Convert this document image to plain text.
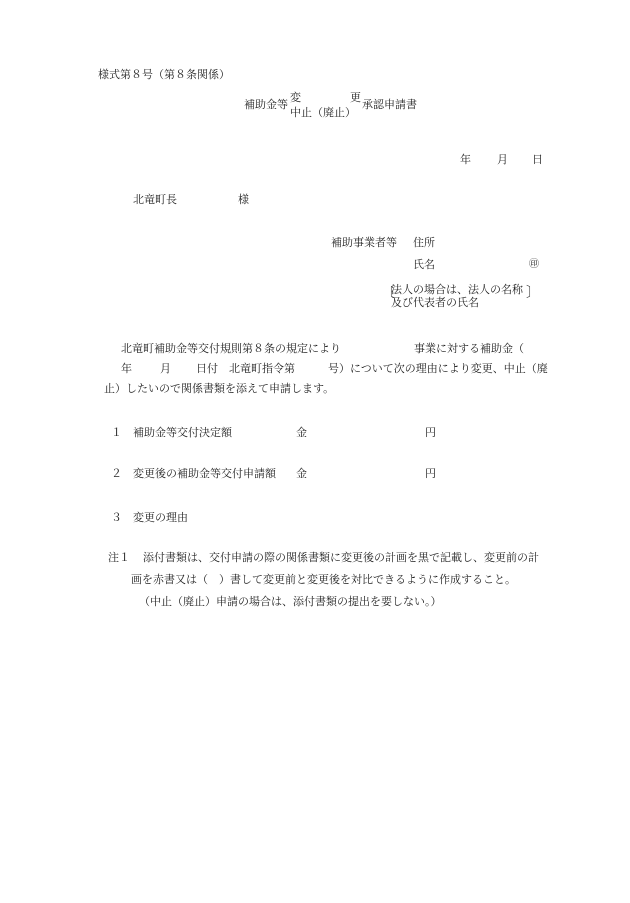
様式第８号（第８条関係）
補助金等
変	更
中止（廃止）
承認申請書
年 月 日
北竜町長	様
補助事業者等 住所
氏名	㊞
〔
法人の場合は、法人の名称
及び代表者の氏名
〕
北竜町補助金等交付規則第８条の規定により	事業に対する補助金（
年	月 日付 北竜町指令第	号）について次の理由により変更、中止（廃
止）したいので関係書類を添えて申請します。
１ 補助金等交付決定額	金	円
２ 変更後の補助金等交付申請額 金	円
３ 変更の理由
注１ 添付書類は、交付申請の際の関係書類に変更後の計画を黒で記載し、変更前の計
画を赤書又は（　）書して変更前と変更後を対比できるように作成すること。
（中止（廃止）申請の場合は、添付書類の提出を要しない。）
